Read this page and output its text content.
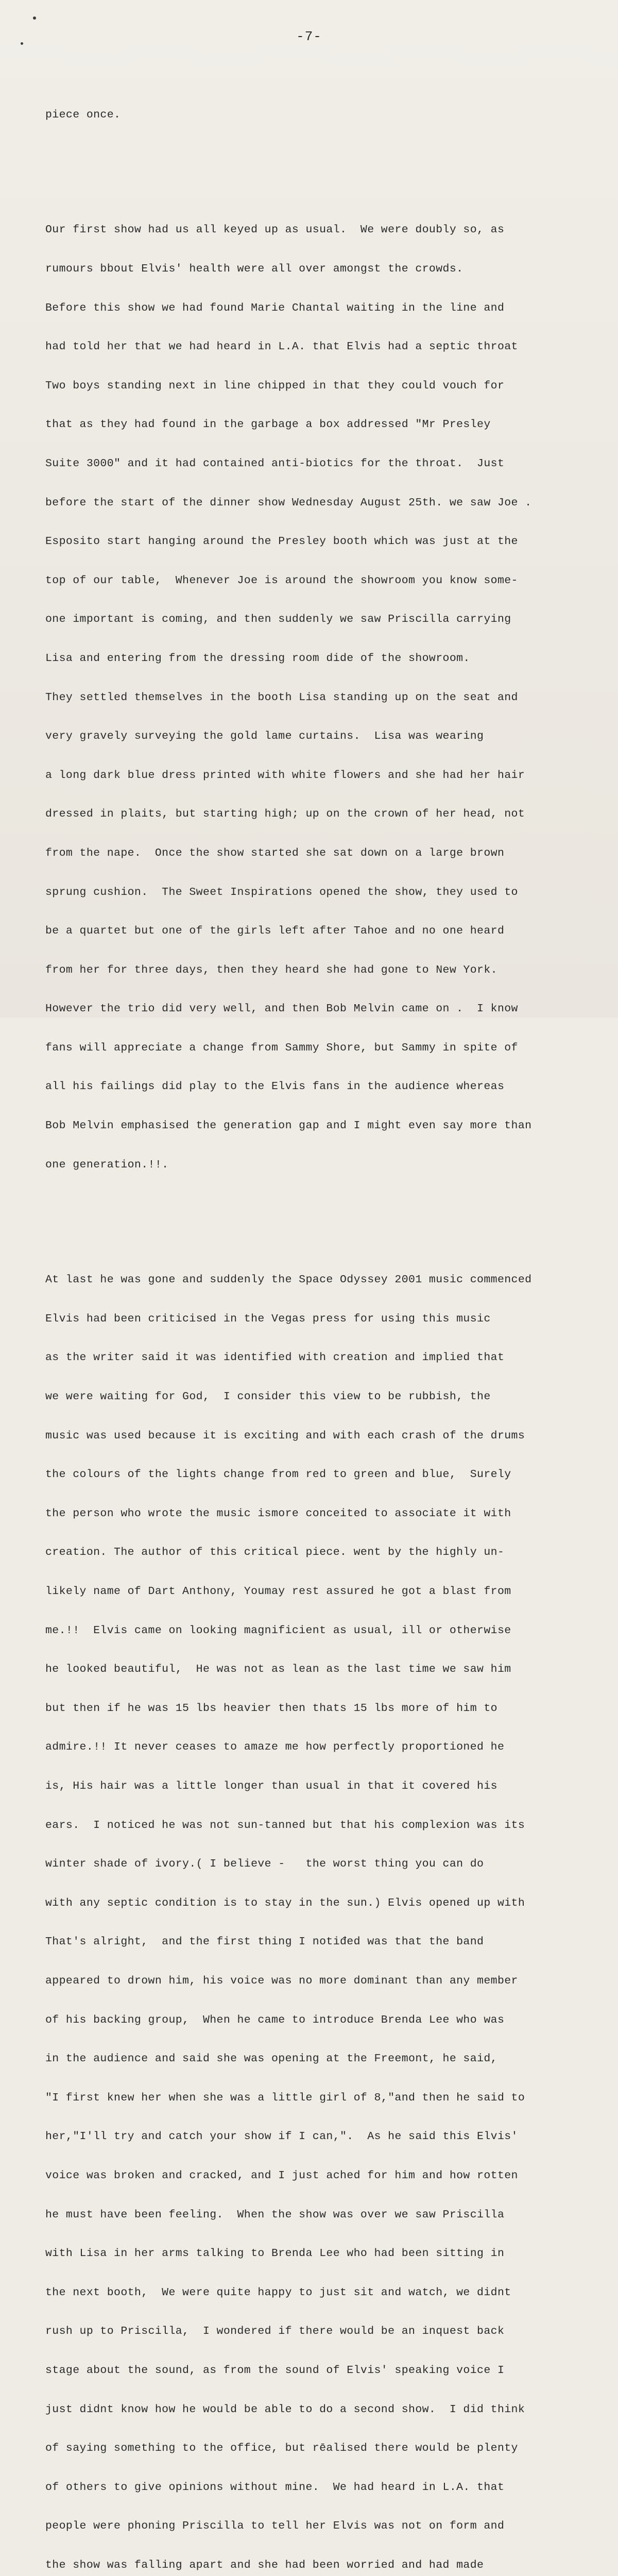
-7-

piece once.

Our first show had us all keyed up as usual.  We were doubly so, as

rumours bbout Elvis' health were all over amongst the crowds.

Before this show we had found Marie Chantal waiting in the line and

had told her that we had heard in L.A. that Elvis had a septic throat

Two boys standing next in line chipped in that they could vouch for

that as they had found in the garbage a box addressed "Mr Presley

Suite 3000" and it had contained anti-biotics for the throat.  Just

before the start of the dinner show Wednesday August 25th. we saw Joe .

Esposito start hanging around the Presley booth which was just at the

top of our table,  Whenever Joe is around the showroom you know some-

one important is coming, and then suddenly we saw Priscilla carrying

Lisa and entering from the dressing room dide of the showroom.

They settled themselves in the booth Lisa standing up on the seat and

very gravely surveying the gold lame curtains.  Lisa was wearing

a long dark blue dress printed with white flowers and she had her hair

dressed in plaits, but starting high; up on the crown of her head, not

from the nape.  Once the show started she sat down on a large brown

sprung cushion.  The Sweet Inspirations opened the show, they used to

be a quartet but one of the girls left after Tahoe and no one heard

from her for three days, then they heard she had gone to New York.

However the trio did very well, and then Bob Melvin came on .  I know

fans will appreciate a change from Sammy Shore, but Sammy in spite of

all his failings did play to the Elvis fans in the audience whereas

Bob Melvin emphasised the generation gap and I might even say more than

one generation.!!.

At last he was gone and suddenly the Space Odyssey 2001 music commenced

Elvis had been criticised in the Vegas press for using this music

as the writer said it was identified with creation and implied that

we were waiting for God,  I consider this view to be rubbish, the

music was used because it is exciting and with each crash of the drums

the colours of the lights change from red to green and blue,  Surely

the person who wrote the music ismore conceited to associate it with

creation. The author of this critical piece. went by the highly un-

likely name of Dart Anthony, Youmay rest assured he got a blast from

me.!!  Elvis came on looking magnificient as usual, ill or otherwise

he looked beautiful,  He was not as lean as the last time we saw him

but then if he was 15 lbs heavier then thats 15 lbs more of him to

admire.!! It never ceases to amaze me how perfectly proportioned he

is, His hair was a little longer than usual in that it covered his

ears.  I noticed he was not sun-tanned but that his complexion was its

winter shade of ivory.( I believe -   the worst thing you can do

with any septic condition is to stay in the sun.) Elvis opened up with

That's alright,  and the first thing I notiđed was that the band

appeared to drown him, his voice was no more dominant than any member

of his backing group,  When he came to introduce Brenda Lee who was

in the audience and said she was opening at the Freemont, he said,

"I first knew her when she was a little girl of 8,"and then he said to

her,"I'll try and catch your show if I can,".  As he said this Elvis'

voice was broken and cracked, and I just ached for him and how rotten

he must have been feeling.  When the show was over we saw Priscilla

with Lisa in her arms talking to Brenda Lee who had been sitting in

the next booth,  We were quite happy to just sit and watch, we didnt

rush up to Priscilla,  I wondered if there would be an inquest back

stage about the sound, as from the sound of Elvis' speaking voice I

just didnt know how he would be able to do a second show.  I did think

of saying something to the office, but rēalised there would be plenty

of others to give opinions without mine.  We had heard in L.A. that

people were phoning Priscilla to tell her Elvis was not on form and

the show was falling apart and she had been worried and had made
